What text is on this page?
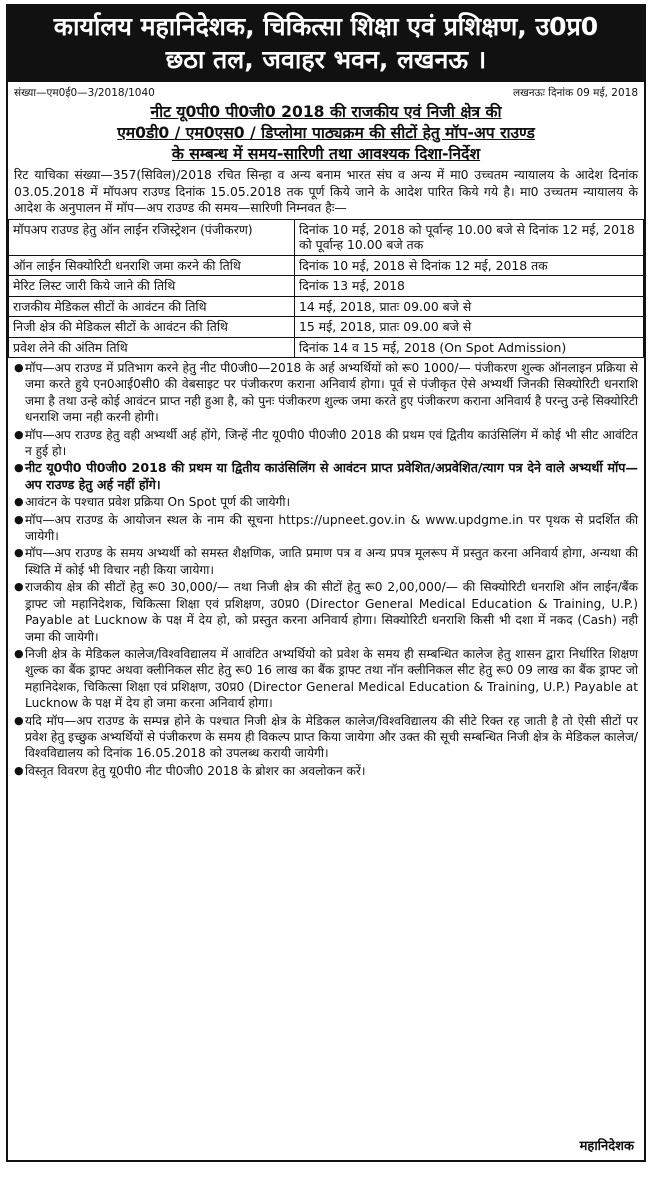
कार्यालय महानिदेशक, चिकित्सा शिक्षा एवं प्रशिक्षण, उ0प्र0
छठा तल, जवाहर भवन, लखनऊ ।
संख्या—एम0ई0—3/2018/1040	लखनऊः दिनांक 09 मई, 2018
नीट यू0पी0 पी0जी0 2018 की राजकीय एवं निजी क्षेत्र की
एम0डी0 / एम0एस0 / डिप्लोमा पाठ्यक्रम की सीटों हेतु मॉप-अप राउण्ड
के सम्बन्ध में समय-सारिणी तथा आवश्यक दिशा-निर्देश
रिट याचिका संख्या—357(सिविल)/2018 रचित सिन्हा व अन्य बनाम भारत संघ व अन्य में मा0 उच्चतम न्यायालय के आदेश दिनांक 03.05.2018 में मॉपअप राउण्ड दिनांक 15.05.2018 तक पूर्ण किये जाने के आदेश पारित किये गये है। मा0 उच्चतम न्यायालय के आदेश के अनुपालन में मॉप—अप राउण्ड की समय—सारिणी निम्नवत हैः—
मॉपअप राउण्ड हेतु ऑन लाईन रजिस्ट्रेशन (पंजीकरण)	दिनांक 10 मई, 2018 को पूर्वान्ह 10.00 बजे से दिनांक 12 मई, 2018 को पूर्वान्ह 10.00 बजे तक
ऑन लाईन सिक्योरिटी धनराशि जमा करने की तिथि	दिनांक 10 मई, 2018 से दिनांक 12 मई, 2018 तक
मेरिट लिस्ट जारी किये जाने की तिथि	दिनांक 13 मई, 2018
राजकीय मेडिकल सीटों के आवंटन की तिथि	14 मई, 2018, प्रातः 09.00 बजे से
निजी क्षेत्र की मेडिकल सीटों के आवंटन की तिथि	15 मई, 2018, प्रातः 09.00 बजे से
प्रवेश लेने की अंतिम तिथि	दिनांक 14 व 15 मई, 2018 (On Spot Admission)
● मॉप—अप राउण्ड में प्रतिभाग करने हेतु नीट पी0जी0—2018 के अर्ह अभ्यर्थियों को रू0 1000/— पंजीकरण शुल्क ऑनलाइन प्रक्रिया से जमा करते हुये एन0आई0सी0 की वेबसाइट पर पंजीकरण कराना अनिवार्य होगा। पूर्व से पंजीकृत ऐसे अभ्यर्थी जिनकी सिक्योरिटी धनराशि जमा है तथा उन्हे कोई आवंटन प्राप्त नही हुआ है, को पुनः पंजीकरण शुल्क जमा करते हुए पंजीकरण कराना अनिवार्य है परन्तु उन्हे सिक्योरिटी धनराशि जमा नही करनी होगी।
● मॉप—अप राउण्ड हेतु वही अभ्यर्थी अर्ह होंगे, जिन्हें नीट यू0पी0 पी0जी0 2018 की प्रथम एवं द्वितीय काउंसिलिंग में कोई भी सीट आवंटित न हुई हो।
● नीट यू0पी0 पी0जी0 2018 की प्रथम या द्वितीय काउंसिलिंग से आवंटन प्राप्त प्रवेशित/अप्रवेशित/त्याग पत्र देने वाले अभ्यर्थी मॉप—अप राउण्ड हेतु अर्ह नहीं होंगे।
● आवंटन के पश्चात प्रवेश प्रक्रिया On Spot पूर्ण की जायेगी।
● मॉप—अप राउण्ड के आयोजन स्थल के नाम की सूचना https://upneet.gov.in & www.updgme.in पर पृथक से प्रदर्शित की जायेगी।
● मॉप—अप राउण्ड के समय अभ्यर्थी को समस्त शैक्षणिक, जाति प्रमाण पत्र व अन्य प्रपत्र मूलरूप में प्रस्तुत करना अनिवार्य होगा, अन्यथा की स्थिति में कोई भी विचार नही किया जायेगा।
● राजकीय क्षेत्र की सीटों हेतु रू0 30,000/— तथा निजी क्षेत्र की सीटों हेतु रू0 2,00,000/— की सिक्योरिटी धनराशि ऑन लाईन/बैंक ड्राफ्ट जो महानिदेशक, चिकित्सा शिक्षा एवं प्रशिक्षण, उ0प्र0 (Director General Medical Education & Training, U.P.) Payable at Lucknow के पक्ष में देय हो, को प्रस्तुत करना अनिवार्य होगा। सिक्योरिटी धनराशि किसी भी दशा में नकद (Cash) नही जमा की जायेगी।
● निजी क्षेत्र के मेडिकल कालेज/विश्वविद्यालय में आवंटित अभ्यर्थियो को प्रवेश के समय ही सम्बन्धित कालेज हेतु शासन द्वारा निर्धारित शिक्षण शुल्क का बैंक ड्राफ्ट अथवा क्लीनिकल सीट हेतु रू0 16 लाख का बैंक ड्राफ्ट तथा नॉन क्लीनिकल सीट हेतु रू0 09 लाख का बैंक ड्राफ्ट जो महानिदेशक, चिकित्सा शिक्षा एवं प्रशिक्षण, उ0प्र0 (Director General Medical Education & Training, U.P.) Payable at Lucknow के पक्ष में देय हो जमा करना अनिवार्य होगा।
● यदि मॉप—अप राउण्ड के सम्पन्न होने के पश्चात निजी क्षेत्र के मेडिकल कालेज/विश्वविद्यालय की सीटे रिक्त रह जाती है तो ऐसी सीटों पर प्रवेश हेतु इच्छुक अभ्यर्थियों से पंजीकरण के समय ही विकल्प प्राप्त किया जायेगा और उक्त की सूची सम्बन्धित निजी क्षेत्र के मेडिकल कालेज/विश्वविद्यालय को दिनांक 16.05.2018 को उपलब्ध करायी जायेगी।
● विस्तृत विवरण हेतु यू0पी0 नीट पी0जी0 2018 के ब्रोशर का अवलोकन करें।
महानिदेशक
